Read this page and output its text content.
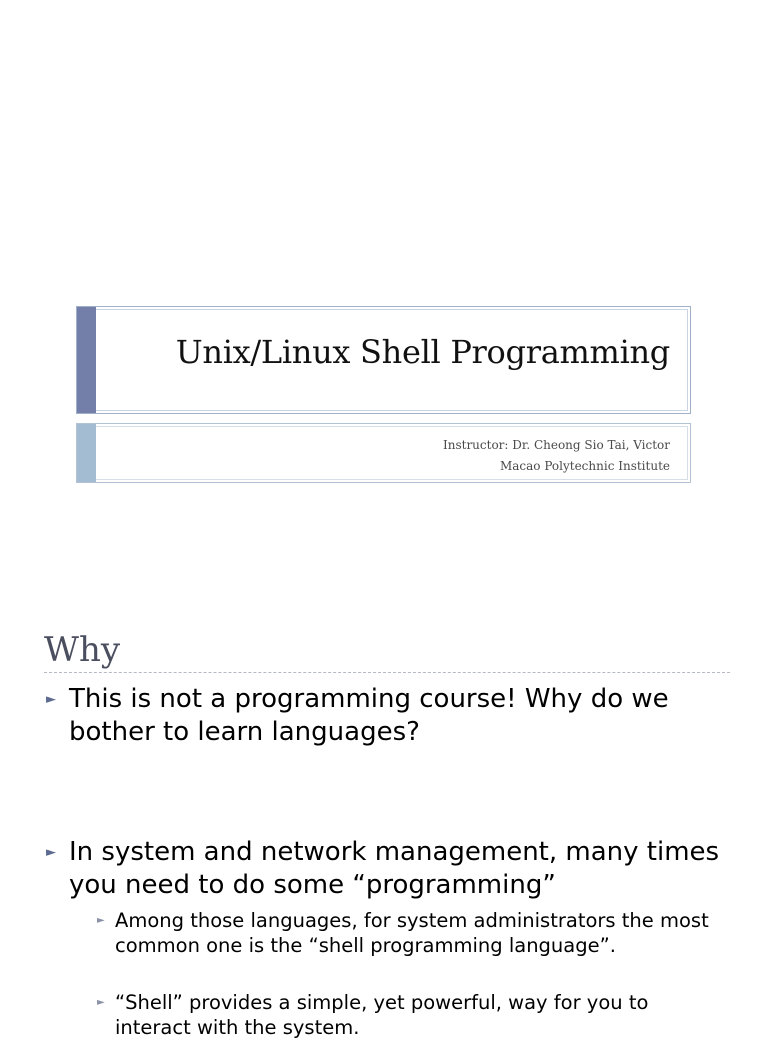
Unix/Linux Shell Programming
Instructor: Dr. Cheong Sio Tai, Victor
Macao Polytechnic Institute
Why
► This is not a programming course! Why do we bother to learn languages?
► In system and network management, many times you need to do some “programming”
► Among those languages, for system administrators the most common one is the “shell programming language”.
► “Shell” provides a simple, yet powerful, way for you to interact with the system.
